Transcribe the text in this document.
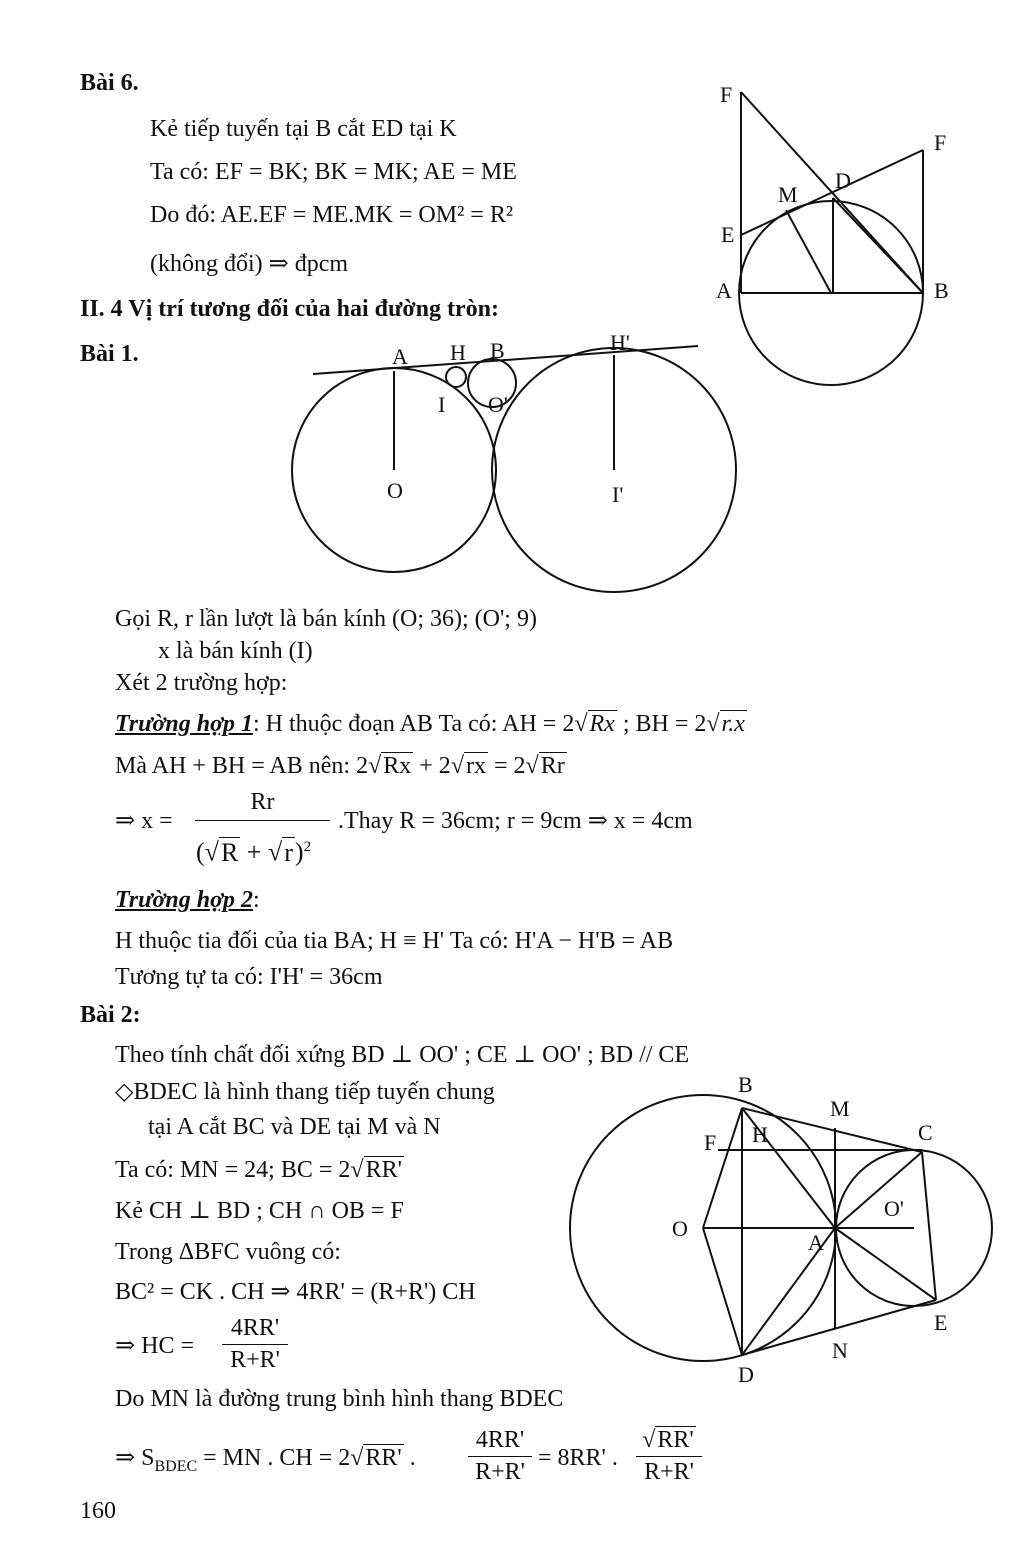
F
F
D
M
E
A	B
A H B	H'
I O'
O	I'
B
M
C
F H
O
O'
A
E
D
N
Bài 6.
Kẻ tiếp tuyến tại B cắt ED tại K
Ta có: EF = BK; BK = MK; AE = ME
Do đó: AE.EF = ME.MK = OM² = R²
(không đổi) ⇒ đpcm
II. 4 Vị trí tương đối của hai đường tròn:
Bài 1.
Gọi R, r lần lượt là bán kính (O; 36); (O'; 9)
x là bán kính (I)
Xét 2 trường hợp:
Trường hợp 1: H thuộc đoạn AB Ta có: AH = 2√Rx ; BH = 2√r.x
Mà AH + BH = AB nên: 2√Rx + 2√rx = 2√Rr
⇒ x =
Rr
$(√R + √r)^2$
.Thay R = 36cm; r = 9cm ⇒ x = 4cm
Trường hợp 2:
H thuộc tia đối của tia BA; H ≡ H' Ta có: H'A − H'B = AB
Tương tự ta có: I'H' = 36cm
Bài 2:
Theo tính chất đối xứng BD ⊥ OO' ; CE ⊥ OO' ; BD // CE
◇BDEC là hình thang tiếp tuyến chung
tại A cắt BC và DE tại M và N
Ta có: MN = 24; BC = 2√RR'
Kẻ CH ⊥ BD ; CH ∩ OB = F
Trong ΔBFC vuông có:
BC² = CK . CH ⇒ 4RR' = (R+R') CH
⇒ HC =
4RR'
R+R'
Do MN là đường trung bình hình thang BDEC
⇒ $S_{BDEC}$ = MN . CH = 2√RR' .
4RR'
R+R'
= 8RR' .
√RR'
R+R'
160
